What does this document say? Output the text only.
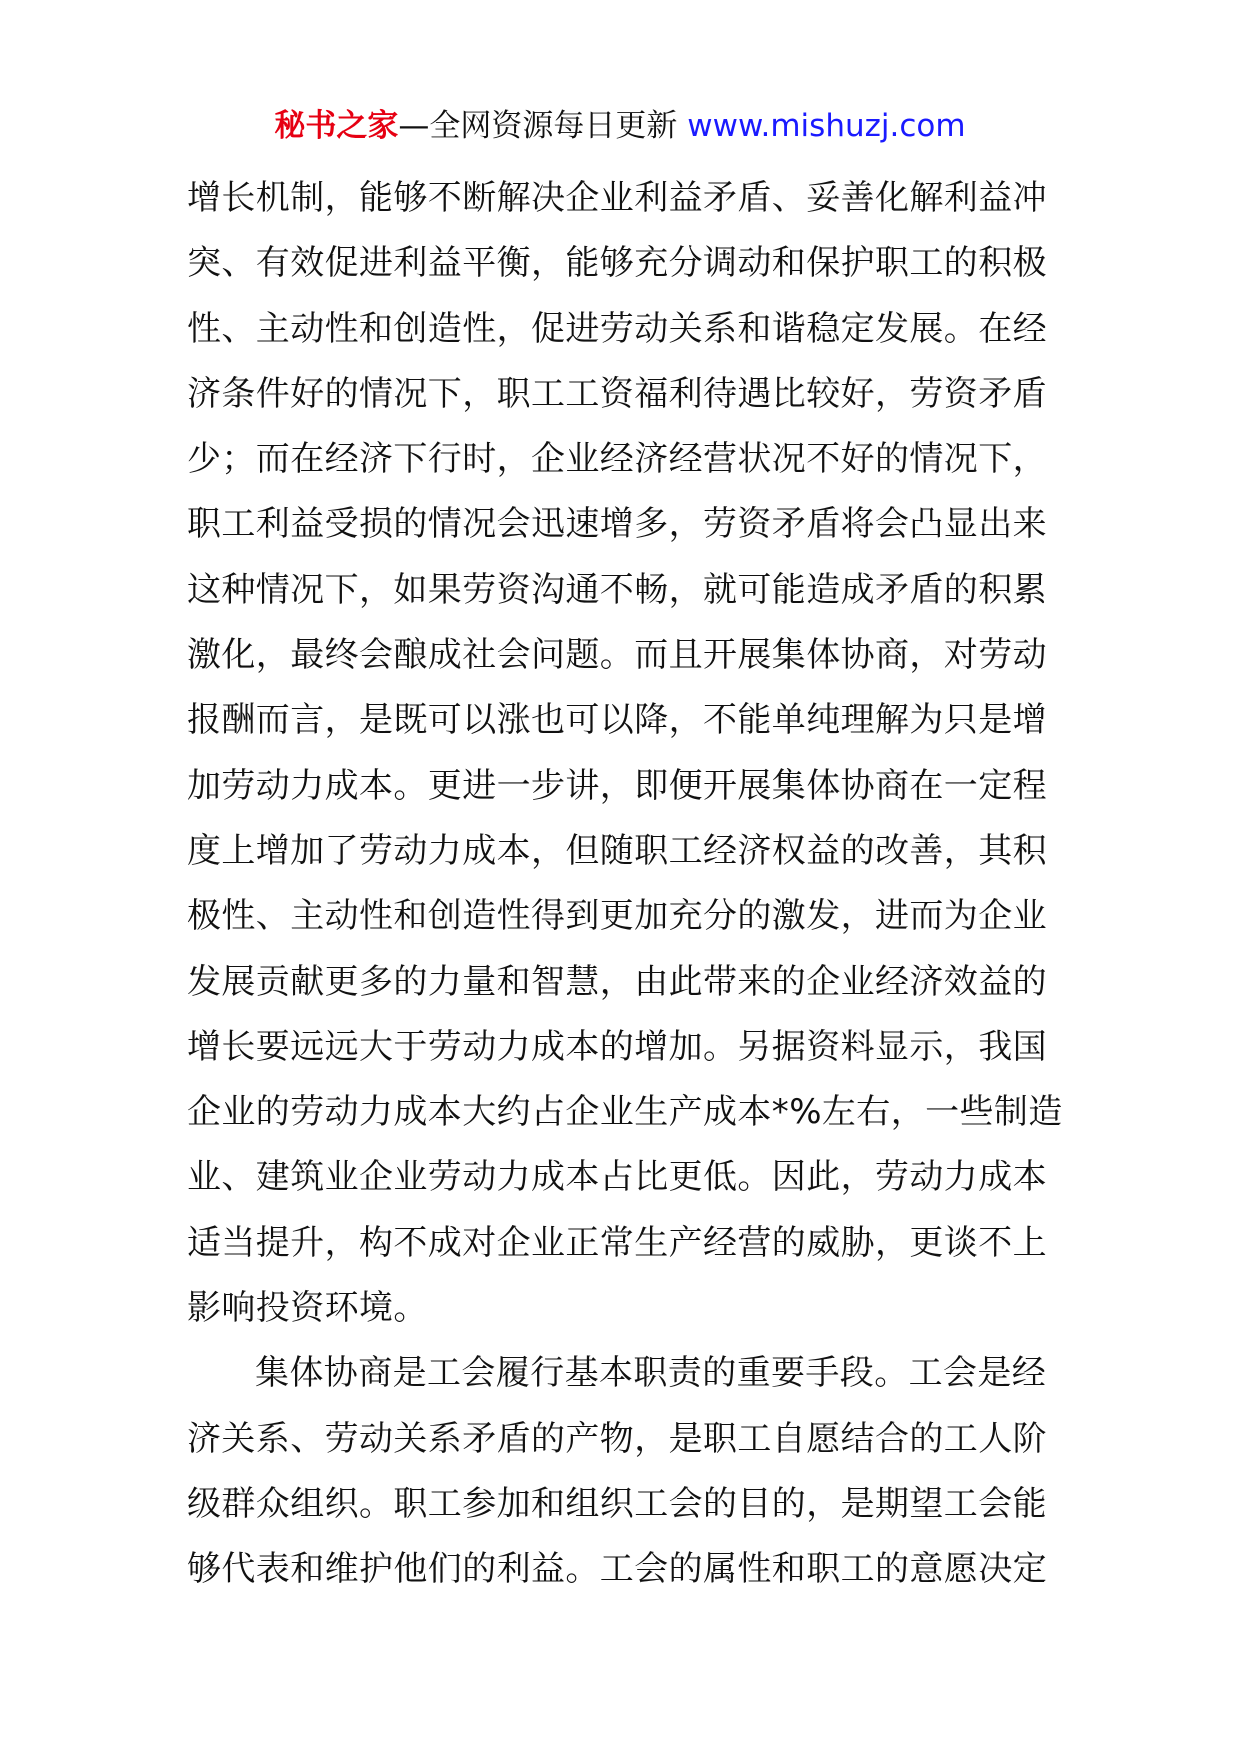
秘书之家—全网资源每日更新 www.mishuzj.com

增长机制，能够不断解决企业利益矛盾、妥善化解利益冲
突、有效促进利益平衡，能够充分调动和保护职工的积极
性、主动性和创造性，促进劳动关系和谐稳定发展。在经
济条件好的情况下，职工工资福利待遇比较好，劳资矛盾
少；而在经济下行时，企业经济经营状况不好的情况下，
职工利益受损的情况会迅速增多，劳资矛盾将会凸显出来
这种情况下，如果劳资沟通不畅，就可能造成矛盾的积累
激化，最终会酿成社会问题。而且开展集体协商，对劳动
报酬而言，是既可以涨也可以降，不能单纯理解为只是增
加劳动力成本。更进一步讲，即便开展集体协商在一定程
度上增加了劳动力成本，但随职工经济权益的改善，其积
极性、主动性和创造性得到更加充分的激发，进而为企业
发展贡献更多的力量和智慧，由此带来的企业经济效益的
增长要远远大于劳动力成本的增加。另据资料显示，我国
企业的劳动力成本大约占企业生产成本*%左右，一些制造
业、建筑业企业劳动力成本占比更低。因此，劳动力成本
适当提升，构不成对企业正常生产经营的威胁，更谈不上
影响投资环境。

集体协商是工会履行基本职责的重要手段。工会是经
济关系、劳动关系矛盾的产物，是职工自愿结合的工人阶
级群众组织。职工参加和组织工会的目的，是期望工会能
够代表和维护他们的利益。工会的属性和职工的意愿决定
